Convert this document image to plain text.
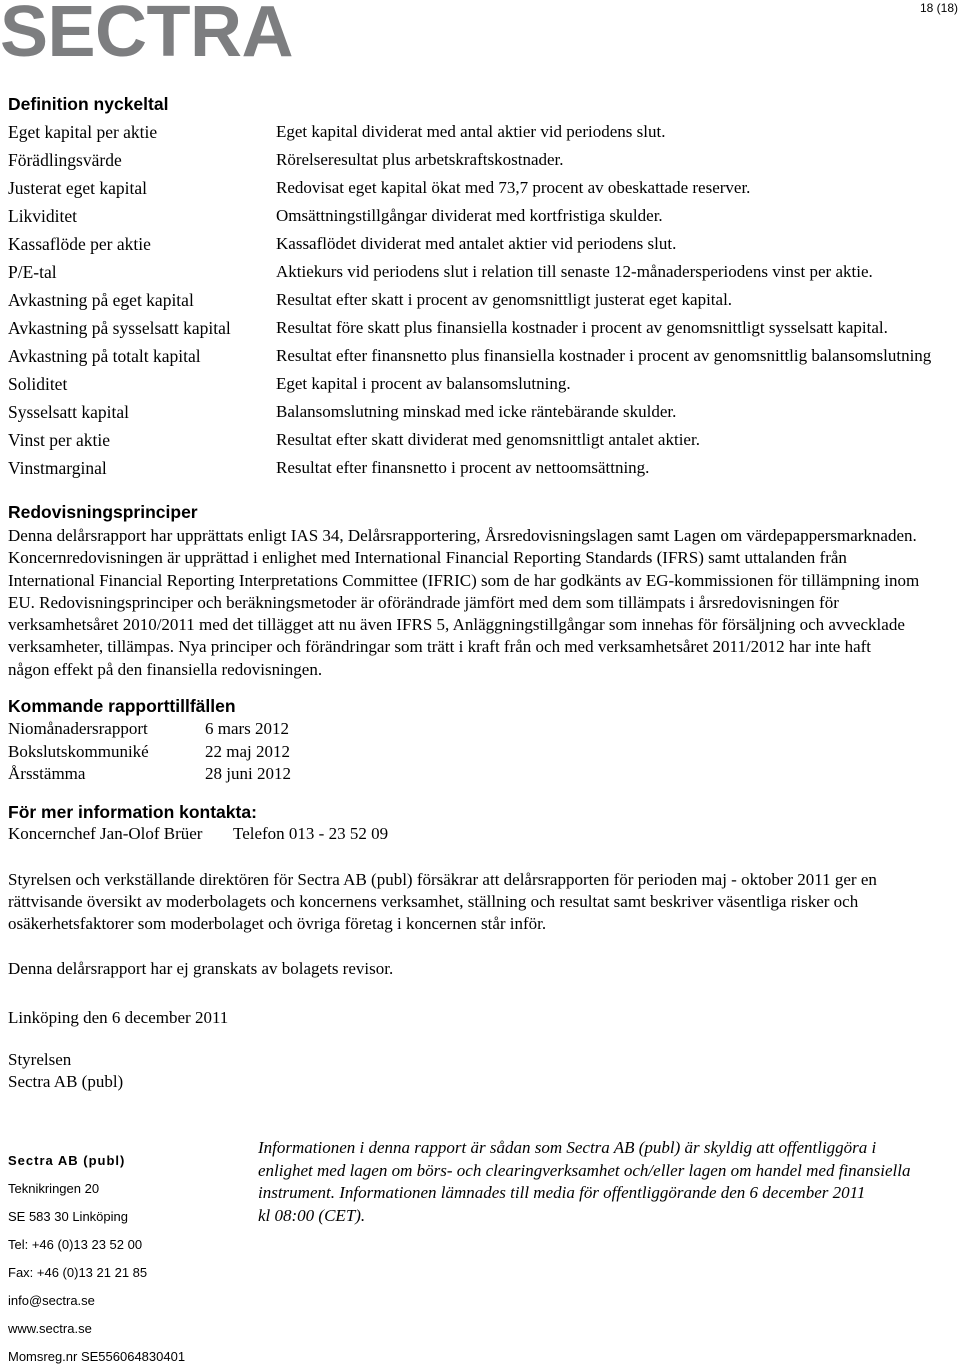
SECTRA	18 (18)
Definition nyckeltal
Eget kapital per aktie	Eget kapital dividerat med antal aktier vid periodens slut.
Förädlingsvärde	Rörelseresultat plus arbetskraftskostnader.
Justerat eget kapital	Redovisat eget kapital ökat med 73,7 procent av obeskattade reserver.
Likviditet	Omsättningstillgångar dividerat med kortfristiga skulder.
Kassaflöde per aktie	Kassaflödet dividerat med antalet aktier vid periodens slut.
P/E-tal	Aktiekurs vid periodens slut i relation till senaste 12-månadersperiodens vinst per aktie.
Avkastning på eget kapital	Resultat efter skatt i procent av genomsnittligt justerat eget kapital.
Avkastning på sysselsatt kapital	Resultat före skatt plus finansiella kostnader i procent av genomsnittligt sysselsatt kapital.
Avkastning på totalt kapital	Resultat efter finansnetto plus finansiella kostnader i procent av genomsnittlig balansomslutning
Soliditet	Eget kapital i procent av balansomslutning.
Sysselsatt kapital	Balansomslutning minskad med icke räntebärande skulder.
Vinst per aktie	Resultat efter skatt dividerat med genomsnittligt antalet aktier.
Vinstmarginal	Resultat efter finansnetto i procent av nettoomsättning.
Redovisningsprinciper
Denna delårsrapport har upprättats enligt IAS 34, Delårsrapportering, Årsredovisningslagen samt Lagen om värdepappersmarknaden.
Koncernredovisningen är upprättad i enlighet med International Financial Reporting Standards (IFRS) samt uttalanden från
International Financial Reporting Interpretations Committee (IFRIC) som de har godkänts av EG-kommissionen för tillämpning inom
EU. Redovisningsprinciper och beräkningsmetoder är oförändrade jämfört med dem som tillämpats i årsredovisningen för
verksamhetsåret 2010/2011 med det tillägget att nu även IFRS 5, Anläggningstillgångar som innehas för försäljning och avvecklade
verksamheter, tillämpas. Nya principer och förändringar som trätt i kraft från och med verksamhetsåret 2011/2012 har inte haft
någon effekt på den finansiella redovisningen.
Kommande rapporttillfällen
Niomånadersrapport	6 mars 2012
Bokslutskommuniké	22 maj 2012
Årsstämma	28 juni 2012
För mer information kontakta:
Koncernchef Jan-Olof Brüer Telefon 013 - 23 52 09
Styrelsen och verkställande direktören för Sectra AB (publ) försäkrar att delårsrapporten för perioden maj - oktober 2011 ger en
rättvisande översikt av moderbolagets och koncernens verksamhet, ställning och resultat samt beskriver väsentliga risker och
osäkerhetsfaktorer som moderbolaget och övriga företag i koncernen står inför.
Denna delårsrapport har ej granskats av bolagets revisor.
Linköping den 6 december 2011
Styrelsen
Sectra AB (publ)
Sectra AB (publ)
Teknikringen 20
SE 583 30 Linköping
Tel: +46 (0)13 23 52 00
Fax: +46 (0)13 21 21 85
info@sectra.se
www.sectra.se
Momsreg.nr SE556064830401
Informationen i denna rapport är sådan som Sectra AB (publ) är skyldig att offentliggöra i
enlighet med lagen om börs- och clearingverksamhet och/eller lagen om handel med finansiella
instrument. Informationen lämnades till media för offentliggörande den 6 december 2011
kl 08:00 (CET).
